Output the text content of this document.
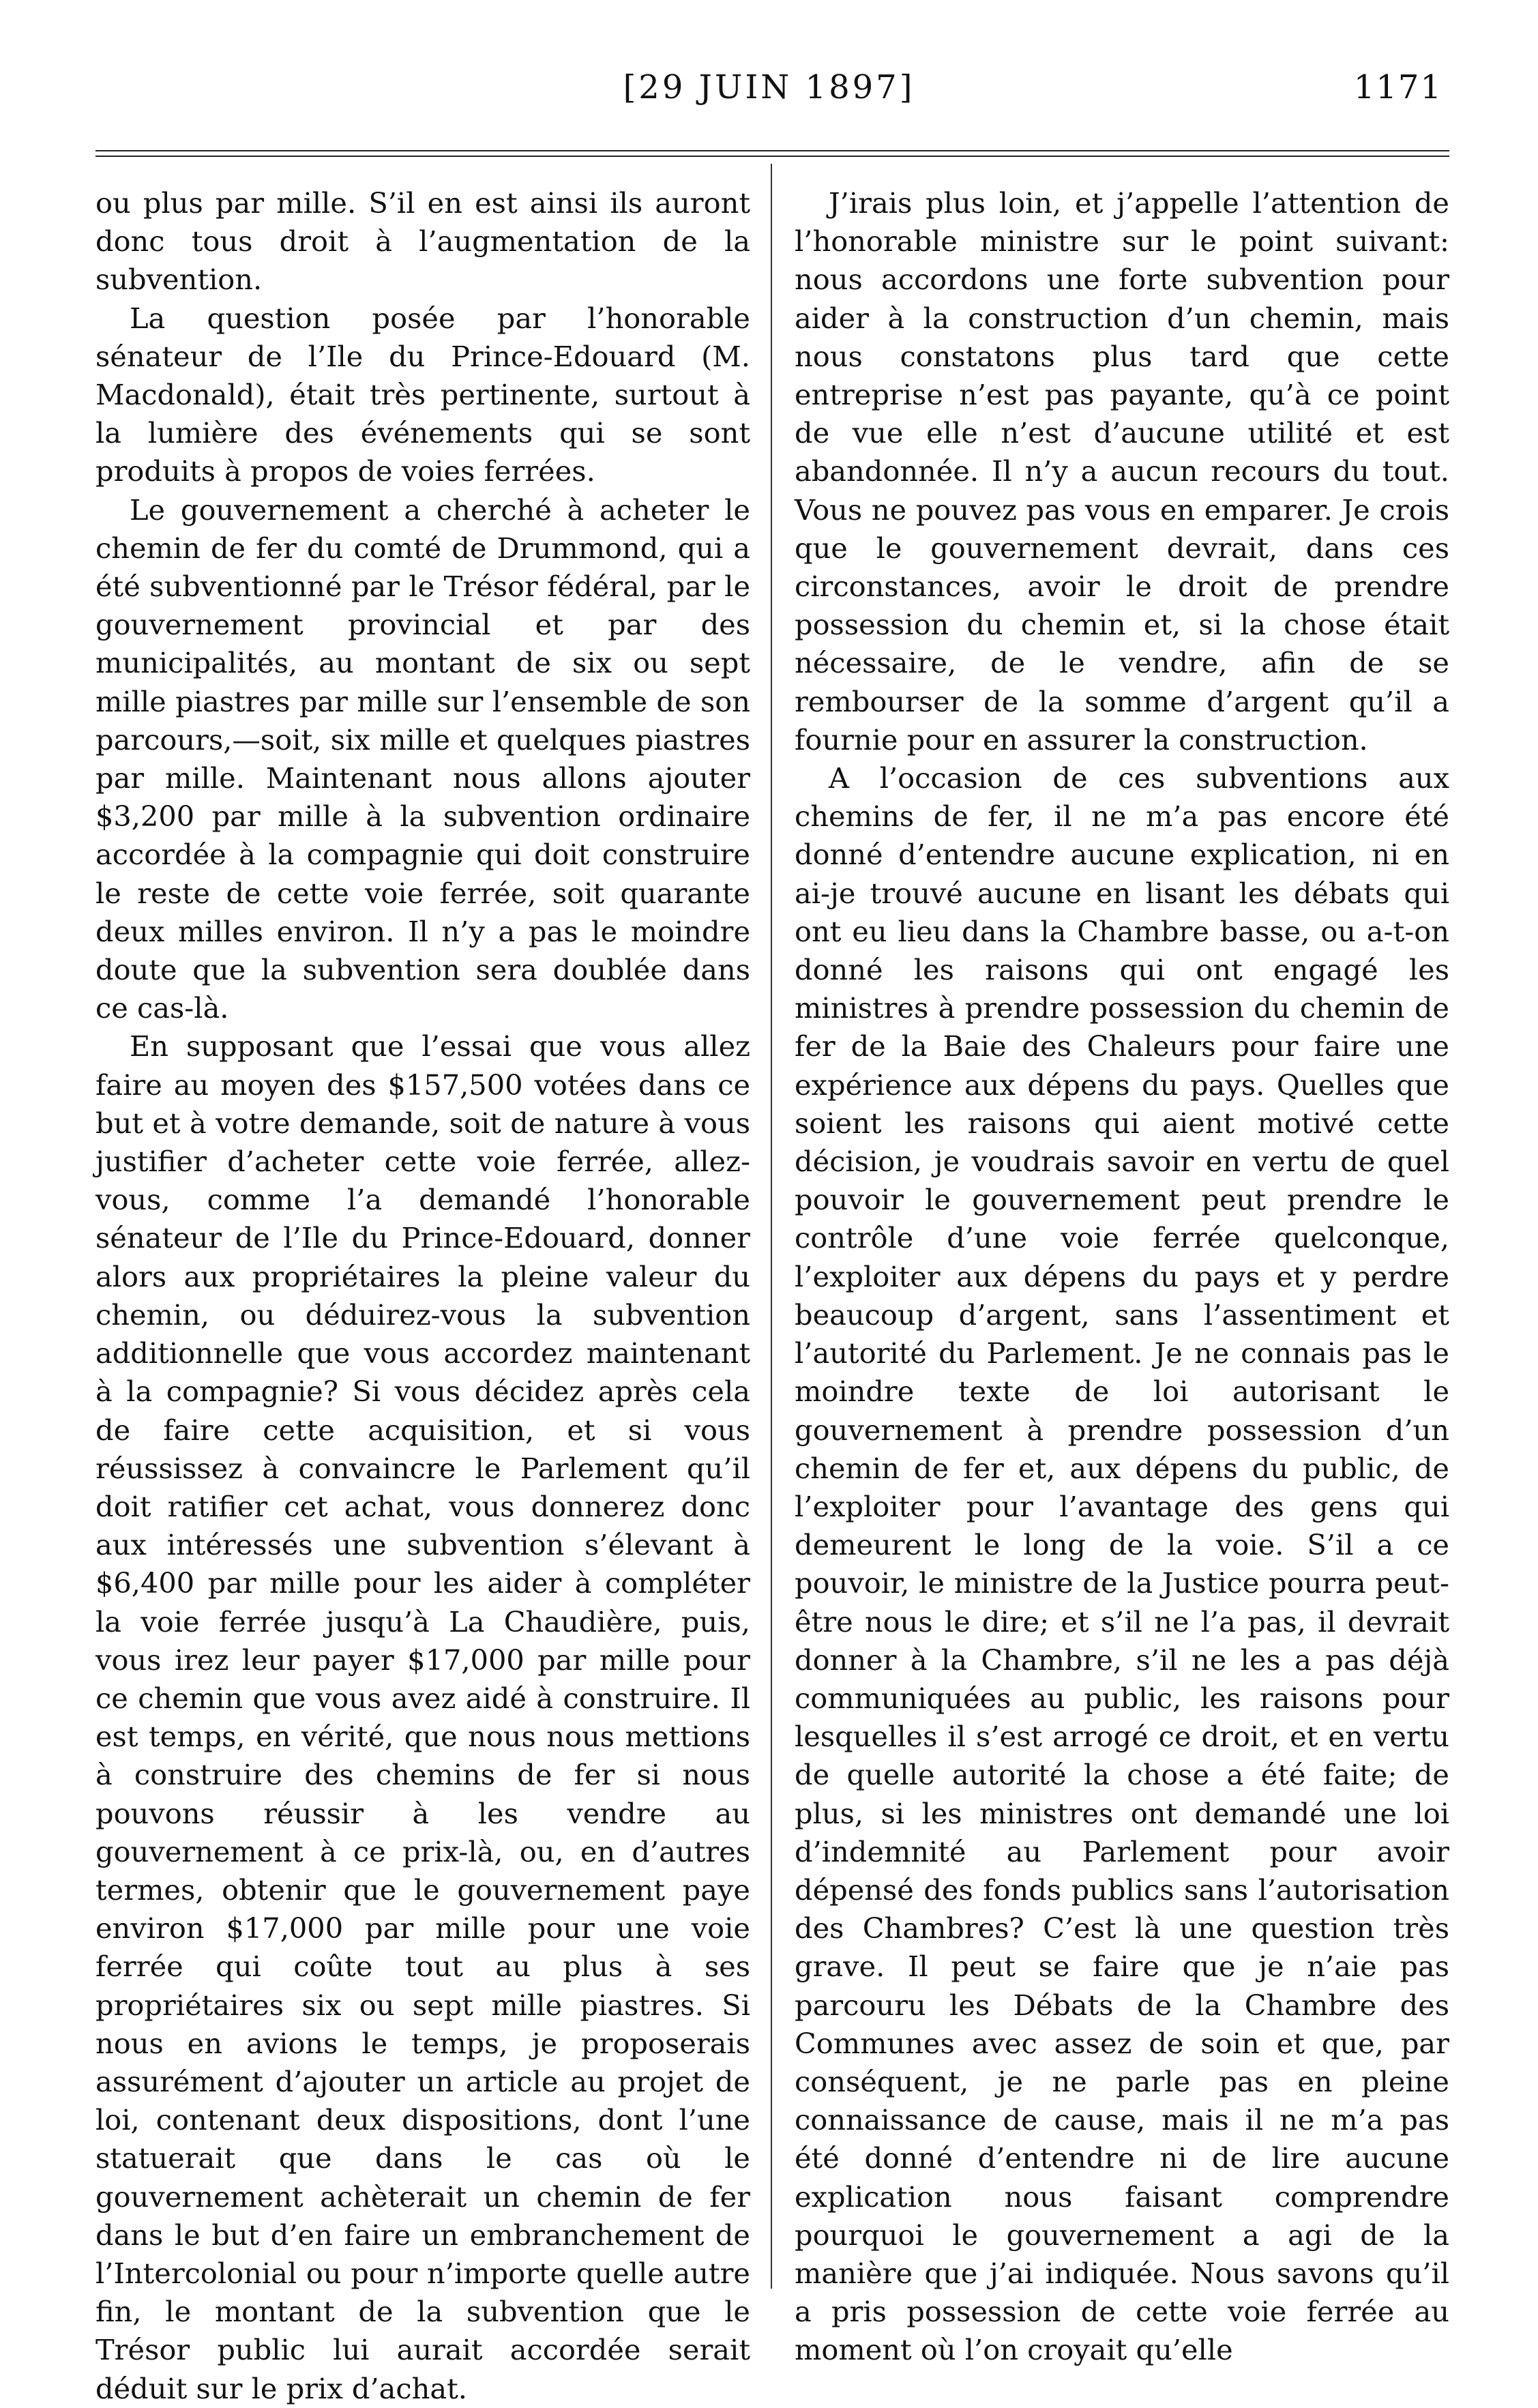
[29 JUIN 1897]	1171

ou plus par mille. S’il en est ainsi ils auront donc tous droit à l’augmentation de la subvention.

La question posée par l’honorable sénateur de l’Ile du Prince-Edouard (M. Macdonald), était très pertinente, surtout à la lumière des événements qui se sont produits à propos de voies ferrées.

Le gouvernement a cherché à acheter le chemin de fer du comté de Drummond, qui a été subventionné par le Trésor fédéral, par le gouvernement provincial et par des municipalités, au montant de six ou sept mille piastres par mille sur l’ensemble de son parcours,—soit, six mille et quelques piastres par mille. Maintenant nous allons ajouter $3,200 par mille à la subvention ordinaire accordée à la compagnie qui doit construire le reste de cette voie ferrée, soit quarante deux milles environ. Il n’y a pas le moindre doute que la subvention sera doublée dans ce cas-là.

En supposant que l’essai que vous allez faire au moyen des $157,500 votées dans ce but et à votre demande, soit de nature à vous justifier d’acheter cette voie ferrée, allez-vous, comme l’a demandé l’honorable sénateur de l’Ile du Prince-Edouard, donner alors aux propriétaires la pleine valeur du chemin, ou déduirez-vous la subvention additionnelle que vous accordez maintenant à la compagnie? Si vous décidez après cela de faire cette acquisition, et si vous réussissez à convaincre le Parlement qu’il doit ratifier cet achat, vous donnerez donc aux intéressés une subvention s’élevant à $6,400 par mille pour les aider à compléter la voie ferrée jusqu’à La Chaudière, puis, vous irez leur payer $17,000 par mille pour ce chemin que vous avez aidé à construire. Il est temps, en vérité, que nous nous mettions à construire des chemins de fer si nous pouvons réussir à les vendre au gouvernement à ce prix-là, ou, en d’autres termes, obtenir que le gouvernement paye environ $17,000 par mille pour une voie ferrée qui coûte tout au plus à ses propriétaires six ou sept mille piastres. Si nous en avions le temps, je proposerais assurément d’ajouter un article au projet de loi, contenant deux dispositions, dont l’une statuerait que dans le cas où le gouvernement achèterait un chemin de fer dans le but d’en faire un embranchement de l’Intercolonial ou pour n’importe quelle autre fin, le montant de la subvention que le Trésor public lui aurait accordée serait déduit sur le prix d’achat.

J’irais plus loin, et j’appelle l’attention de l’honorable ministre sur le point suivant: nous accordons une forte subvention pour aider à la construction d’un chemin, mais nous constatons plus tard que cette entreprise n’est pas payante, qu’à ce point de vue elle n’est d’aucune utilité et est abandonnée. Il n’y a aucun recours du tout. Vous ne pouvez pas vous en emparer. Je crois que le gouvernement devrait, dans ces circonstances, avoir le droit de prendre possession du chemin et, si la chose était nécessaire, de le vendre, afin de se rembourser de la somme d’argent qu’il a fournie pour en assurer la construction.

A l’occasion de ces subventions aux chemins de fer, il ne m’a pas encore été donné d’entendre aucune explication, ni en ai-je trouvé aucune en lisant les débats qui ont eu lieu dans la Chambre basse, ou a-t-on donné les raisons qui ont engagé les ministres à prendre possession du chemin de fer de la Baie des Chaleurs pour faire une expérience aux dépens du pays. Quelles que soient les raisons qui aient motivé cette décision, je voudrais savoir en vertu de quel pouvoir le gouvernement peut prendre le contrôle d’une voie ferrée quelconque, l’exploiter aux dépens du pays et y perdre beaucoup d’argent, sans l’assentiment et l’autorité du Parlement. Je ne connais pas le moindre texte de loi autorisant le gouvernement à prendre possession d’un chemin de fer et, aux dépens du public, de l’exploiter pour l’avantage des gens qui demeurent le long de la voie. S’il a ce pouvoir, le ministre de la Justice pourra peut-être nous le dire; et s’il ne l’a pas, il devrait donner à la Chambre, s’il ne les a pas déjà communiquées au public, les raisons pour lesquelles il s’est arrogé ce droit, et en vertu de quelle autorité la chose a été faite; de plus, si les ministres ont demandé une loi d’indemnité au Parlement pour avoir dépensé des fonds publics sans l’autorisation des Chambres? C’est là une question très grave. Il peut se faire que je n’aie pas parcouru les Débats de la Chambre des Communes avec assez de soin et que, par conséquent, je ne parle pas en pleine connaissance de cause, mais il ne m’a pas été donné d’entendre ni de lire aucune explication nous faisant comprendre pourquoi le gouvernement a agi de la manière que j’ai indiquée. Nous savons qu’il a pris possession de cette voie ferrée au moment où l’on croyait qu’elle
